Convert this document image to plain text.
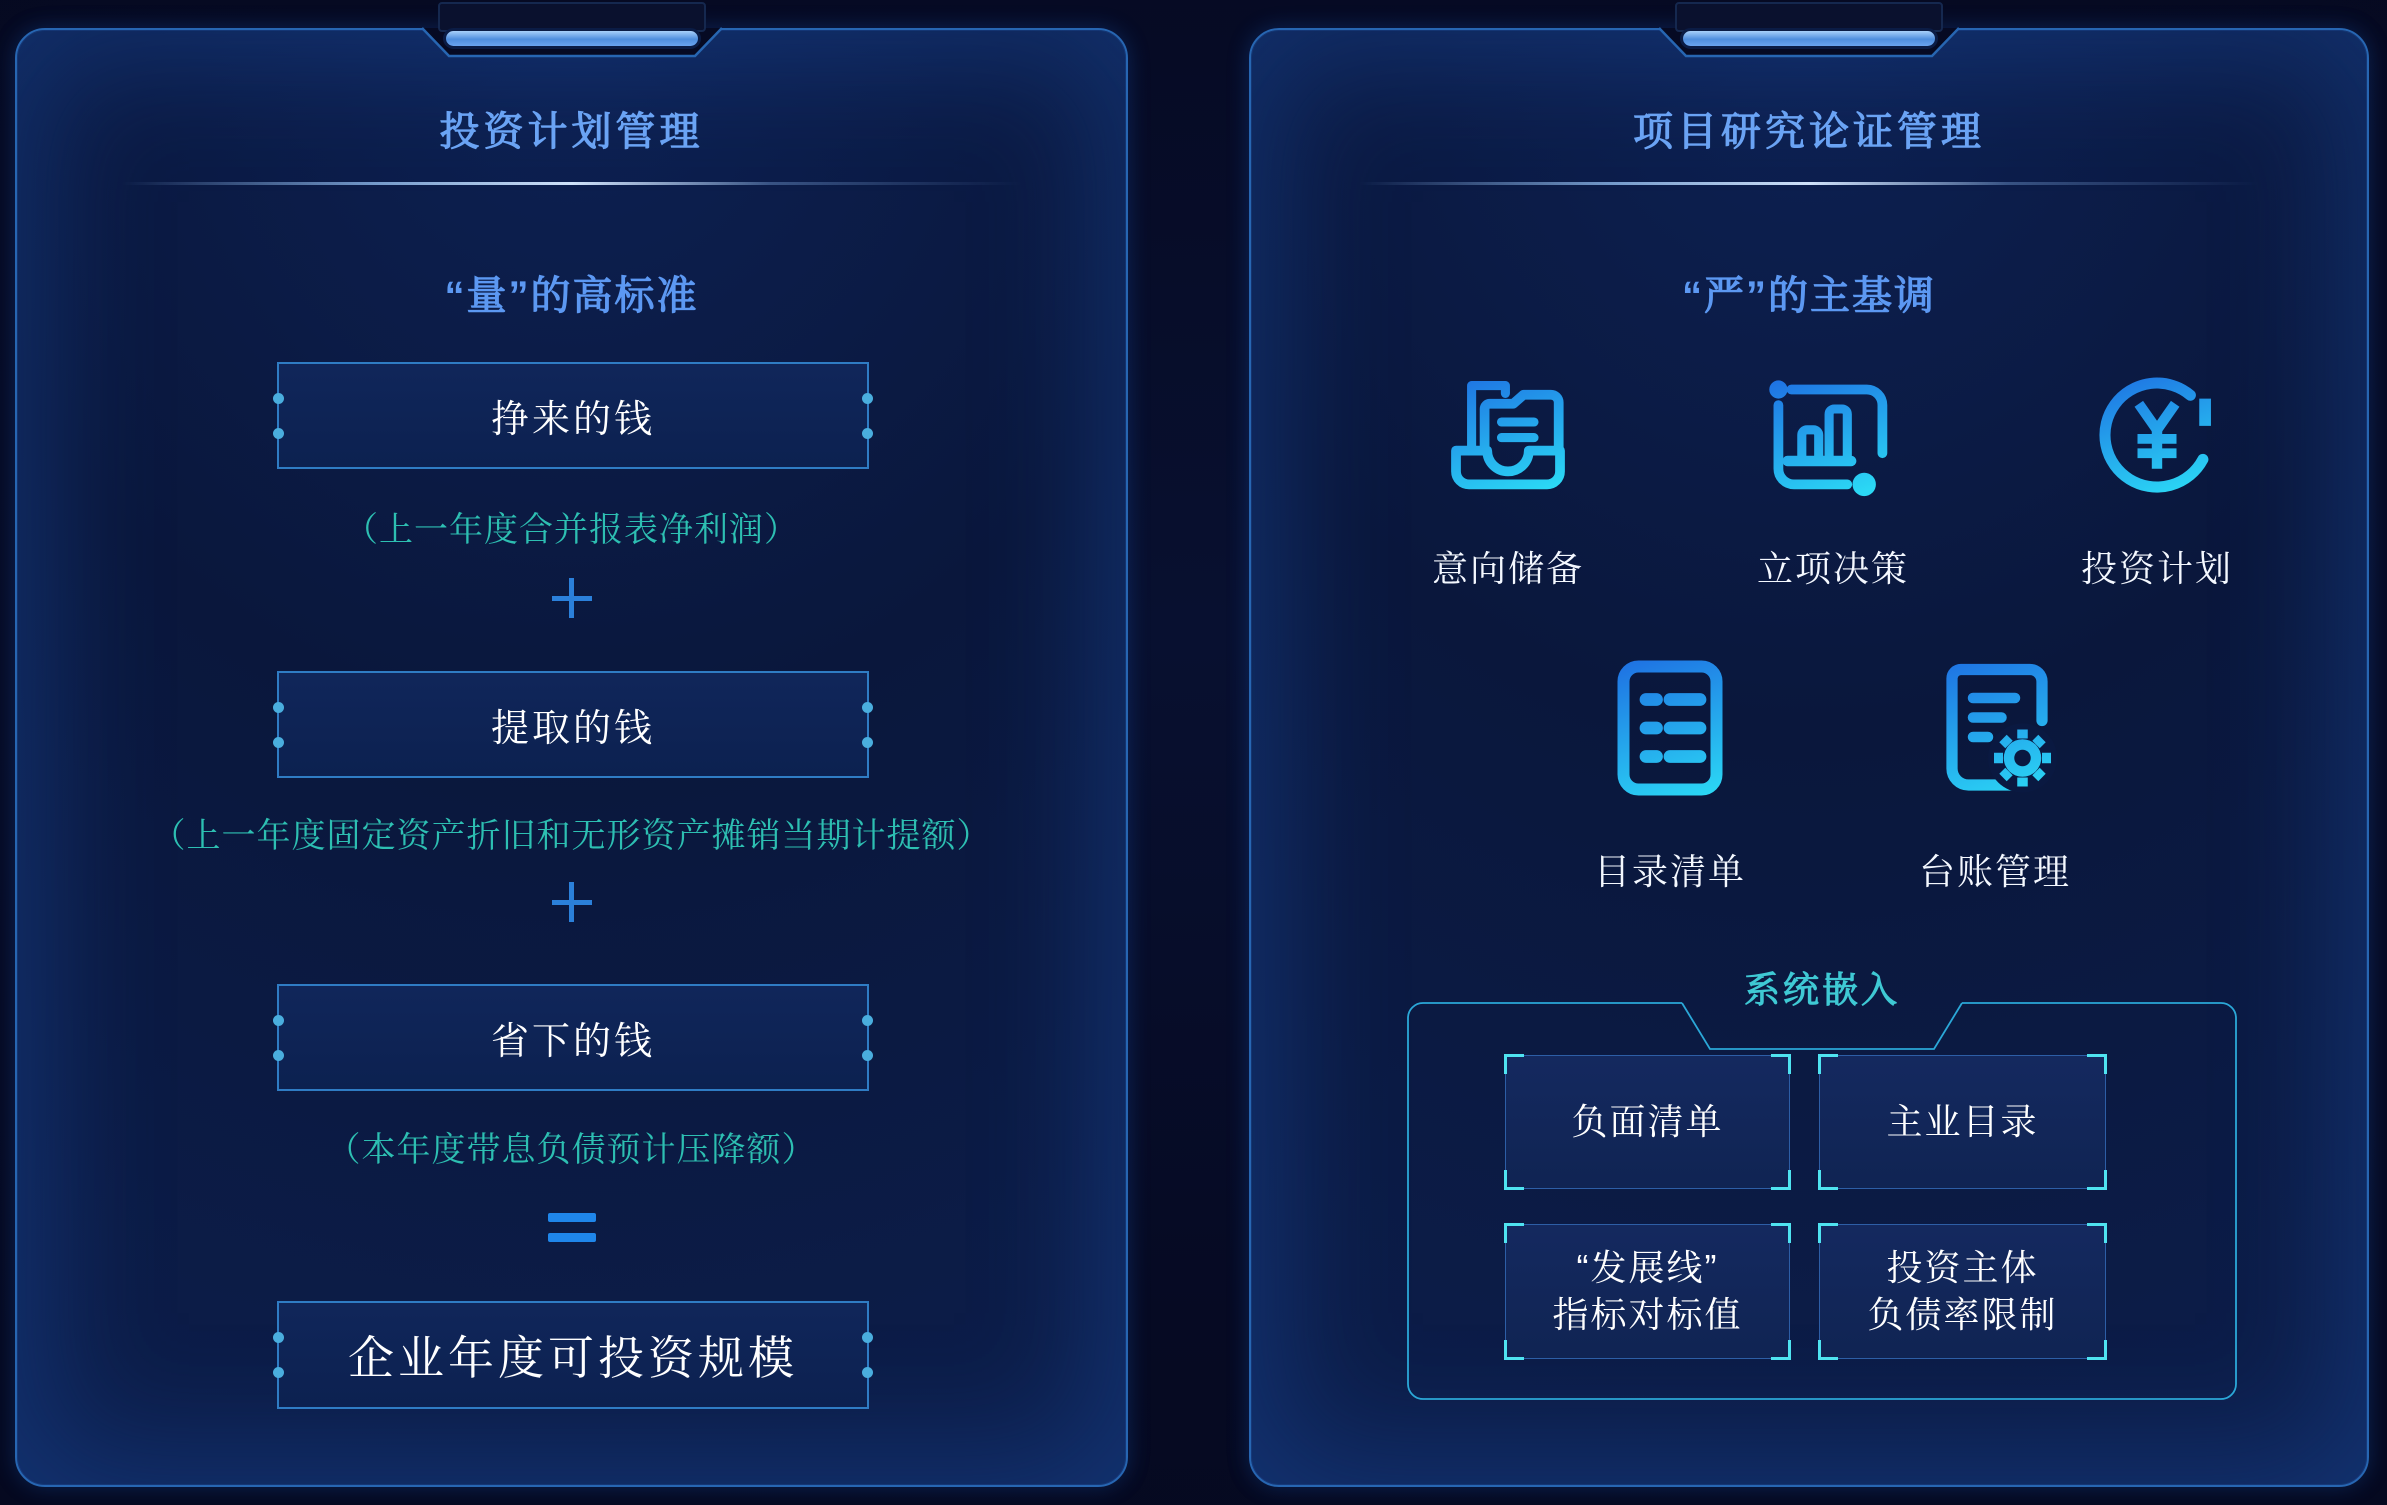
投资计划管理
“量”的高标准
挣来的钱
（上一年度合并报表净利润）
提取的钱
（上一年度固定资产折旧和无形资产摊销当期计提额）
省下的钱
（本年度带息负债预计压降额）
企业年度可投资规模
项目研究论证管理
“严”的主基调
意向储备	立项决策	投资计划
目录清单	台账管理
系统嵌入
负面清单	主业目录
“发展线”
指标对标值
投资主体
负债率限制
